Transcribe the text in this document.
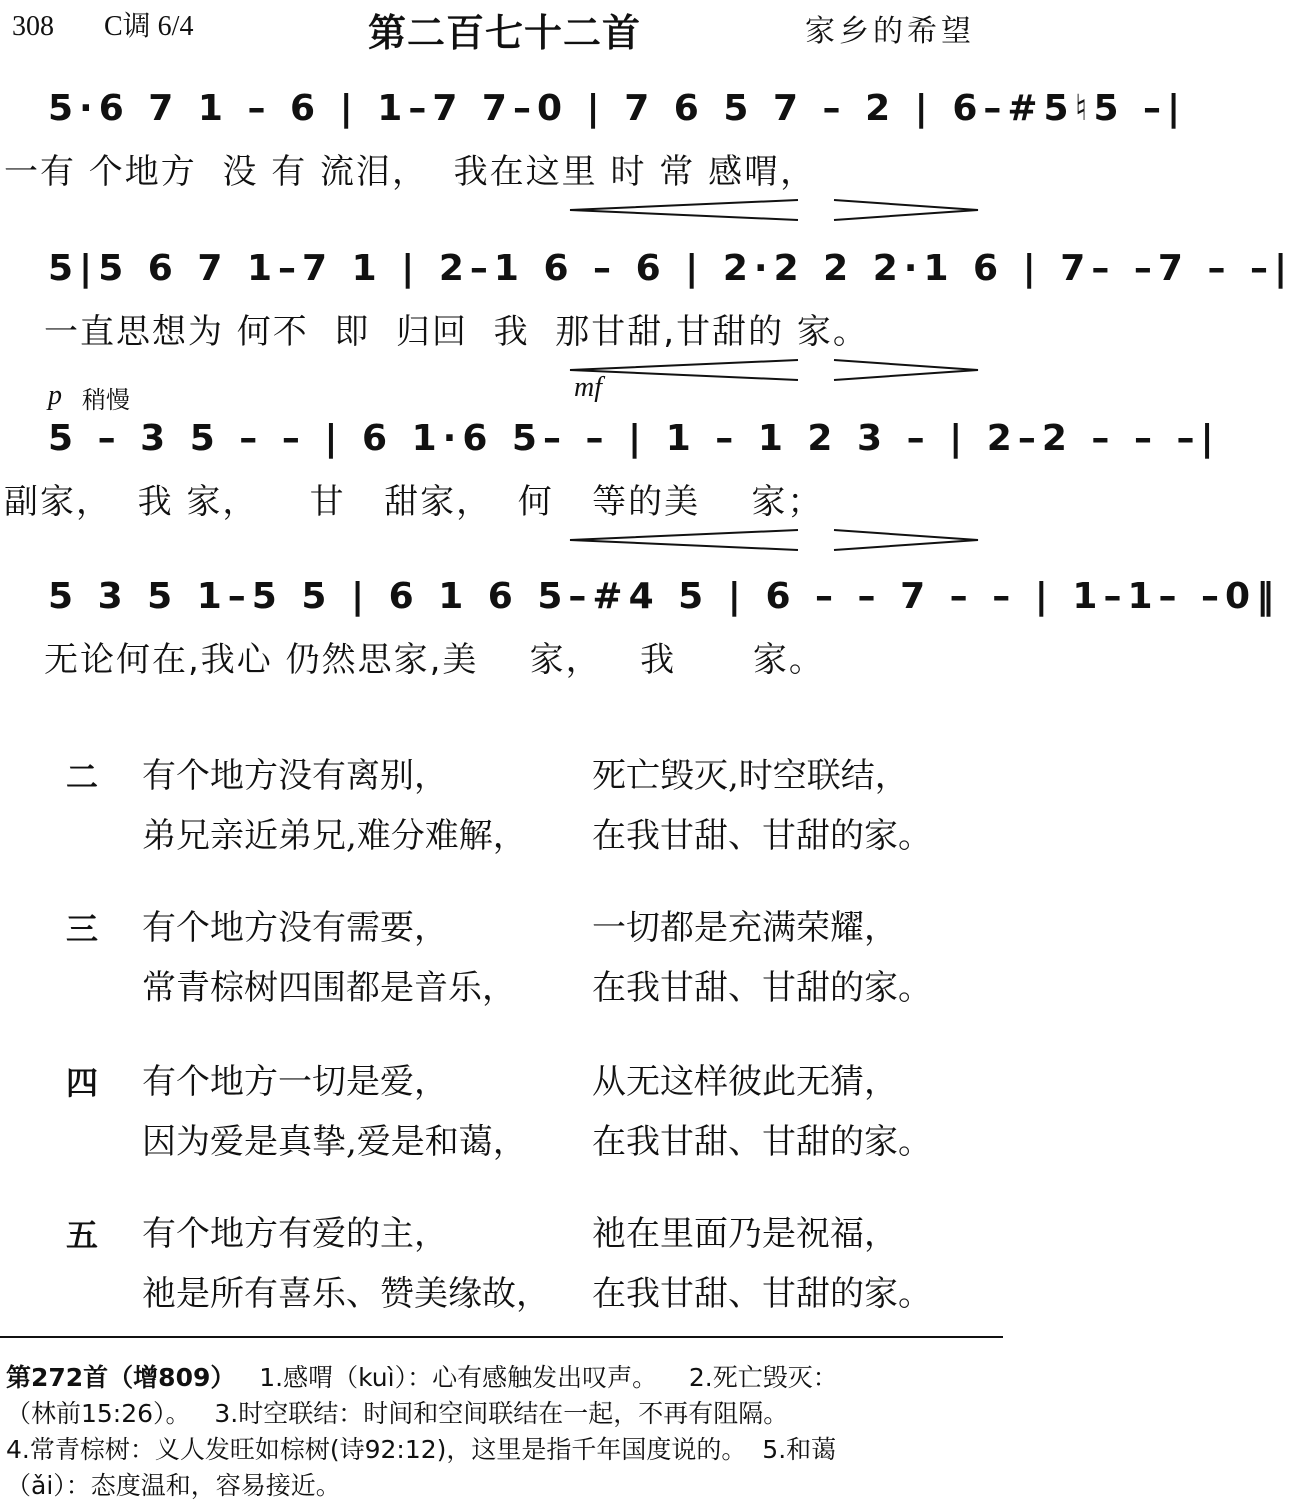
308 C调 6/4	第二百七十二首	家乡的希望
5·6 7 1 – 6 | 1–7 7–0 | 7 6 5 7 – 2 | 6–#5♮5 –|
一有 个地方  没 有 流泪，  我在这里 时 常 感喟，
5|5 6 7 1–7 1 | 2–1 6 – 6 | 2·2 2 2·1 6 | 7– –7 – –|
一直思想为 何不  即  归回  我  那甘甜,甘甜的 家。
p 稍慢	mf
5 – 3 5 – – | 6 1·6 5– – | 1 – 1 2 3 – | 2–2 – – –|
副家，  我 家，    甘   甜家，  何   等的美    家；
5 3 5 1–5 5 | 6 1 6 5–#4 5 | 6 – – 7 – – | 1–1– –0‖
无论何在,我心 仍然思家,美    家，   我      家。
二 有个地方没有离别，	死亡毁灭,时空联结，
弟兄亲近弟兄,难分难解， 在我甘甜、甘甜的家。
三 有个地方没有需要，	一切都是充满荣耀，
常青棕树四围都是音乐， 在我甘甜、甘甜的家。
四 有个地方一切是爱，	从无这样彼此无猜，
因为爱是真挚,爱是和蔼， 在我甘甜、甘甜的家。
五 有个地方有爱的主，	祂在里面乃是祝福，
祂是所有喜乐、赞美缘故， 在我甘甜、甘甜的家。
第272首（增809）   1.感喟（kuì）：心有感触发出叹声。    2.死亡毁灭：
（林前15:26）。   3.时空联结：时间和空间联结在一起，不再有阻隔。
4.常青棕树：义人发旺如棕树(诗92:12)，这里是指千年国度说的。  5.和蔼
（ǎi）：态度温和，容易接近。
